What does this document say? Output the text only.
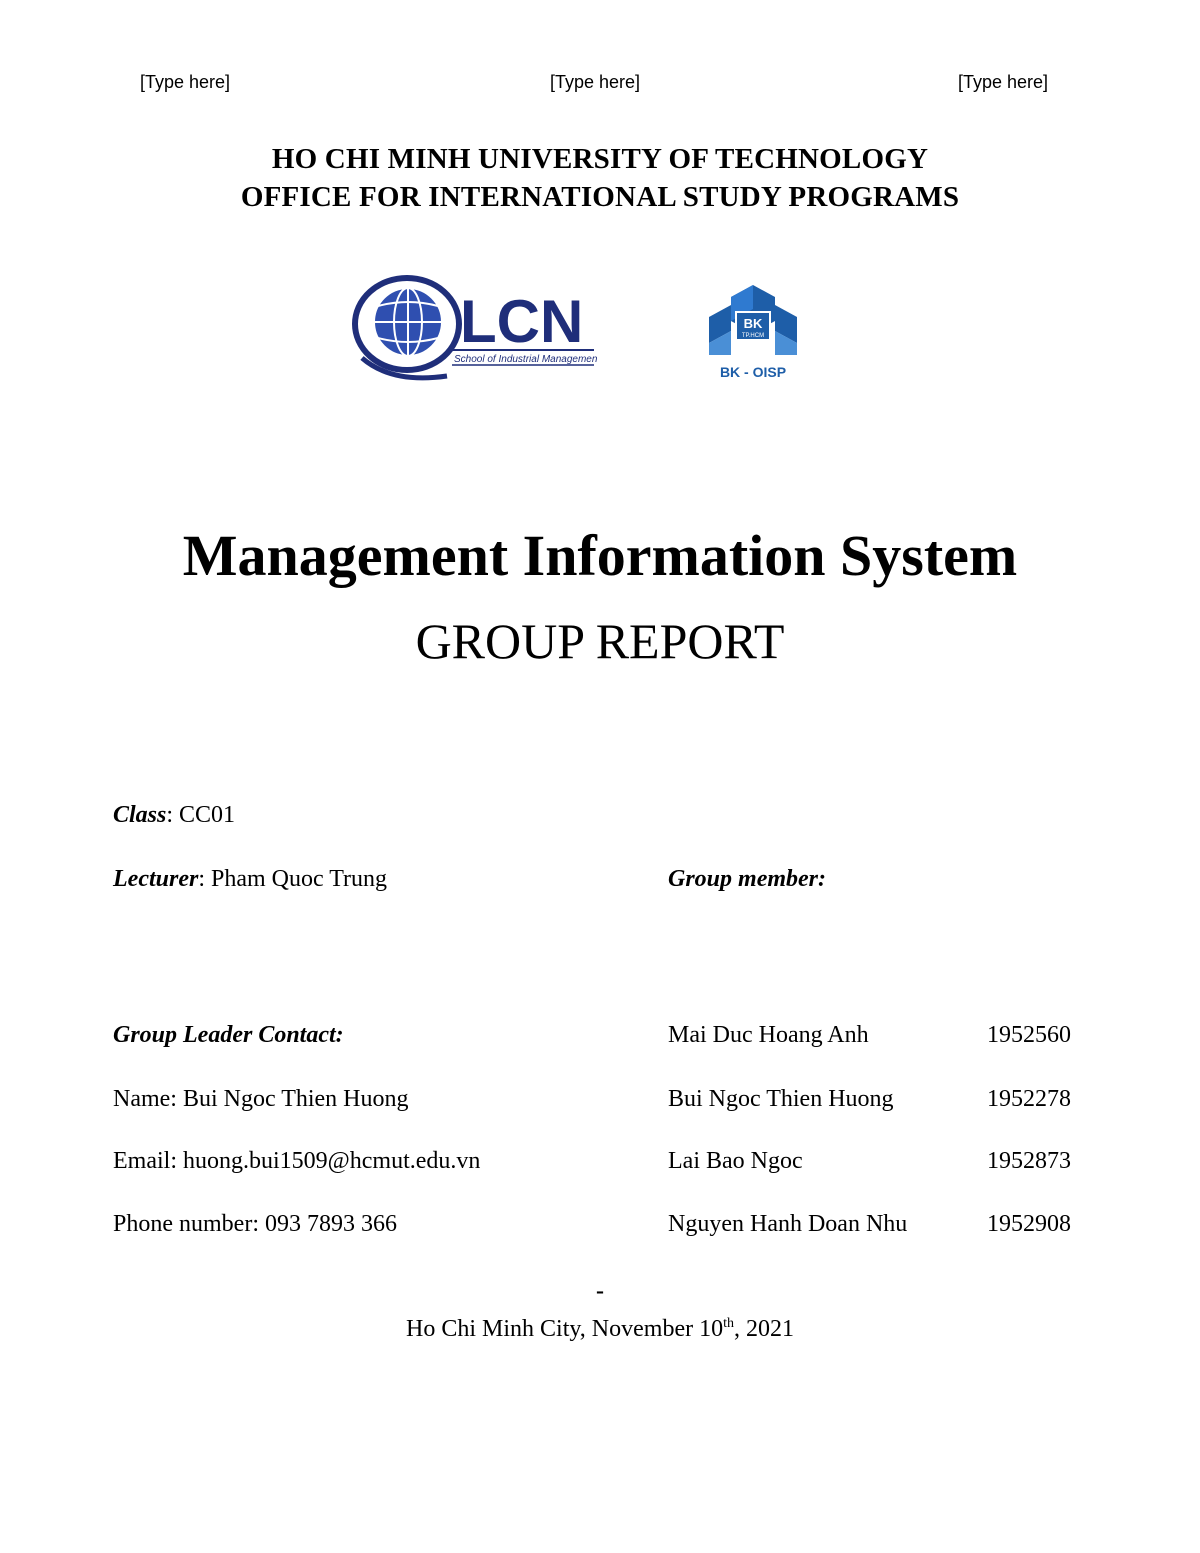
[Type here]	[Type here]	[Type here]
HO CHI MINH UNIVERSITY OF TECHNOLOGY
OFFICE FOR INTERNATIONAL STUDY PROGRAMS
LCN
School of Industrial Management
BK
TP.HCM
BK - OISP
Management Information System
GROUP REPORT
Class: CC01
Lecturer: Pham Quoc Trung	Group member:
Group Leader Contact:
Name: Bui Ngoc Thien Huong
Email: huong.bui1509@hcmut.edu.vn
Phone number: 093 7893 366
Mai Duc Hoang Anh	1952560
Bui Ngoc Thien Huong	1952278
Lai Bao Ngoc	1952873
Nguyen Hanh Doan Nhu	1952908
-
Ho Chi Minh City, November 10th, 2021
